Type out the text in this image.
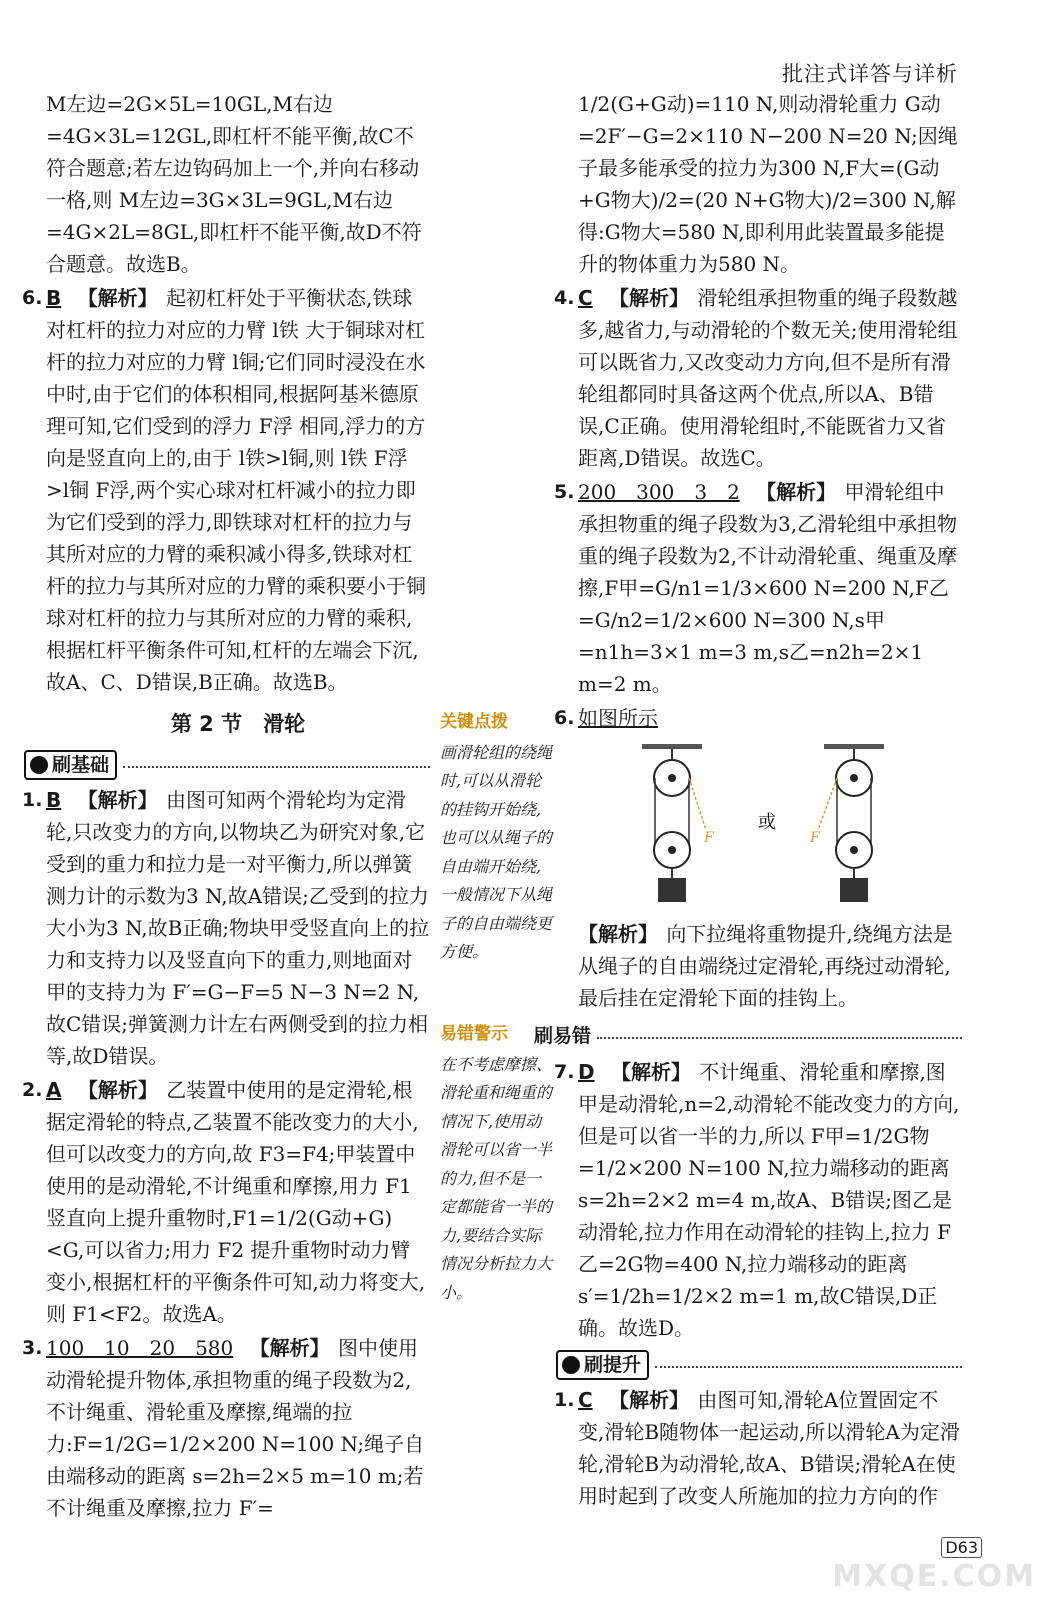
批注式详答与详析

M左边=2G×5L=10GL,M右边=4G×3L=12GL,即杠杆不能平衡,故C不符合题意;若左边钩码加上一个,并向右移动一格,则 M左边=3G×3L=9GL,M右边=4G×2L=8GL,即杠杆不能平衡,故D不符合题意。故选B。

6. B 【解析】 起初杠杆处于平衡状态,铁球对杠杆的拉力对应的力臂 l铁 大于铜球对杠杆的拉力对应的力臂 l铜;它们同时浸没在水中时,由于它们的体积相同,根据阿基米德原理可知,它们受到的浮力 F浮 相同,浮力的方向是竖直向上的,由于 l铁>l铜,则 l铁 F浮>l铜 F浮,两个实心球对杠杆减小的拉力即为它们受到的浮力,即铁球对杠杆的拉力与其所对应的力臂的乘积减小得多,铁球对杠杆的拉力与其所对应的力臂的乘积要小于铜球对杠杆的拉力与其所对应的力臂的乘积,根据杠杆平衡条件可知,杠杆的左端会下沉,故A、C、D错误,B正确。故选B。
第 2 节　滑轮
刷基础
1. B 【解析】 由图可知两个滑轮均为定滑轮,只改变力的方向,以物块乙为研究对象,它受到的重力和拉力是一对平衡力,所以弹簧测力计的示数为3 N,故A错误;乙受到的拉力大小为3 N,故B正确;物块甲受竖直向上的拉力和支持力以及竖直向下的重力,则地面对甲的支持力为 F′=G−F=5 N−3 N=2 N,故C错误;弹簧测力计左右两侧受到的拉力相等,故D错误。
2. A 【解析】 乙装置中使用的是定滑轮,根据定滑轮的特点,乙装置不能改变力的大小,但可以改变力的方向,故 F3=F4;甲装置中使用的是动滑轮,不计绳重和摩擦,用力 F1 竖直向上提升重物时,F1=1/2(G动+G)<G,可以省力;用力 F2 提升重物时动力臂变小,根据杠杆的平衡条件可知,动力将变大,则 F1<F2。故选A。
3. 100　10　20　580 【解析】 图中使用动滑轮提升物体,承担物重的绳子段数为2,不计绳重、滑轮重及摩擦,绳端的拉力:F=1/2G=1/2×200 N=100 N;绳子自由端移动的距离 s=2h=2×5 m=10 m;若不计绳重及摩擦,拉力 F′=
关键点拨
画滑轮组的绕绳时,可以从滑轮的挂钩开始绕,也可以从绳子的自由端开始绕,一般情况下从绳子的自由端绕更方便。
易错警示
在不考虑摩擦、滑轮重和绳重的情况下,使用动滑轮可以省一半的力,但不是一定都能省一半的力,要结合实际情况分析拉力大小。

1/2(G+G动)=110 N,则动滑轮重力 G动=2F′−G=2×110 N−200 N=20 N;因绳子最多能承受的拉力为300 N,F大=(G动+G物大)/2=(20 N+G物大)/2=300 N,解得:G物大=580 N,即利用此装置最多能提升的物体重力为580 N。

4. C 【解析】 滑轮组承担物重的绳子段数越多,越省力,与动滑轮的个数无关;使用滑轮组可以既省力,又改变动力方向,但不是所有滑轮组都同时具备这两个优点,所以A、B错误,C正确。使用滑轮组时,不能既省力又省距离,D错误。故选C。
5. 200　300　3　2 【解析】 甲滑轮组中承担物重的绳子段数为3,乙滑轮组中承担物重的绳子段数为2,不计动滑轮重、绳重及摩擦,F甲=G/n1=1/3×600 N=200 N,F乙=G/n2=1/2×600 N=300 N,s甲=n1h=3×1 m=3 m,s乙=n2h=2×1 m=2 m。
6. 如图所示
F
或
F
【解析】 向下拉绳将重物提升,绕绳方法是从绳子的自由端绕过定滑轮,再绕过动滑轮,最后挂在定滑轮下面的挂钩上。
刷易错
7. D 【解析】 不计绳重、滑轮重和摩擦,图甲是动滑轮,n=2,动滑轮不能改变力的方向,但是可以省一半的力,所以 F甲=1/2G物=1/2×200 N=100 N,拉力端移动的距离 s=2h=2×2 m=4 m,故A、B错误;图乙是动滑轮,拉力作用在动滑轮的挂钩上,拉力 F乙=2G物=400 N,拉力端移动的距离 s′=1/2h=1/2×2 m=1 m,故C错误,D正确。故选D。
刷提升
1. C 【解析】 由图可知,滑轮A位置固定不变,滑轮B随物体一起运动,所以滑轮A为定滑轮,滑轮B为动滑轮,故A、B错误;滑轮A在使用时起到了改变人所施加的拉力方向的作
D63
MXQE.COM
